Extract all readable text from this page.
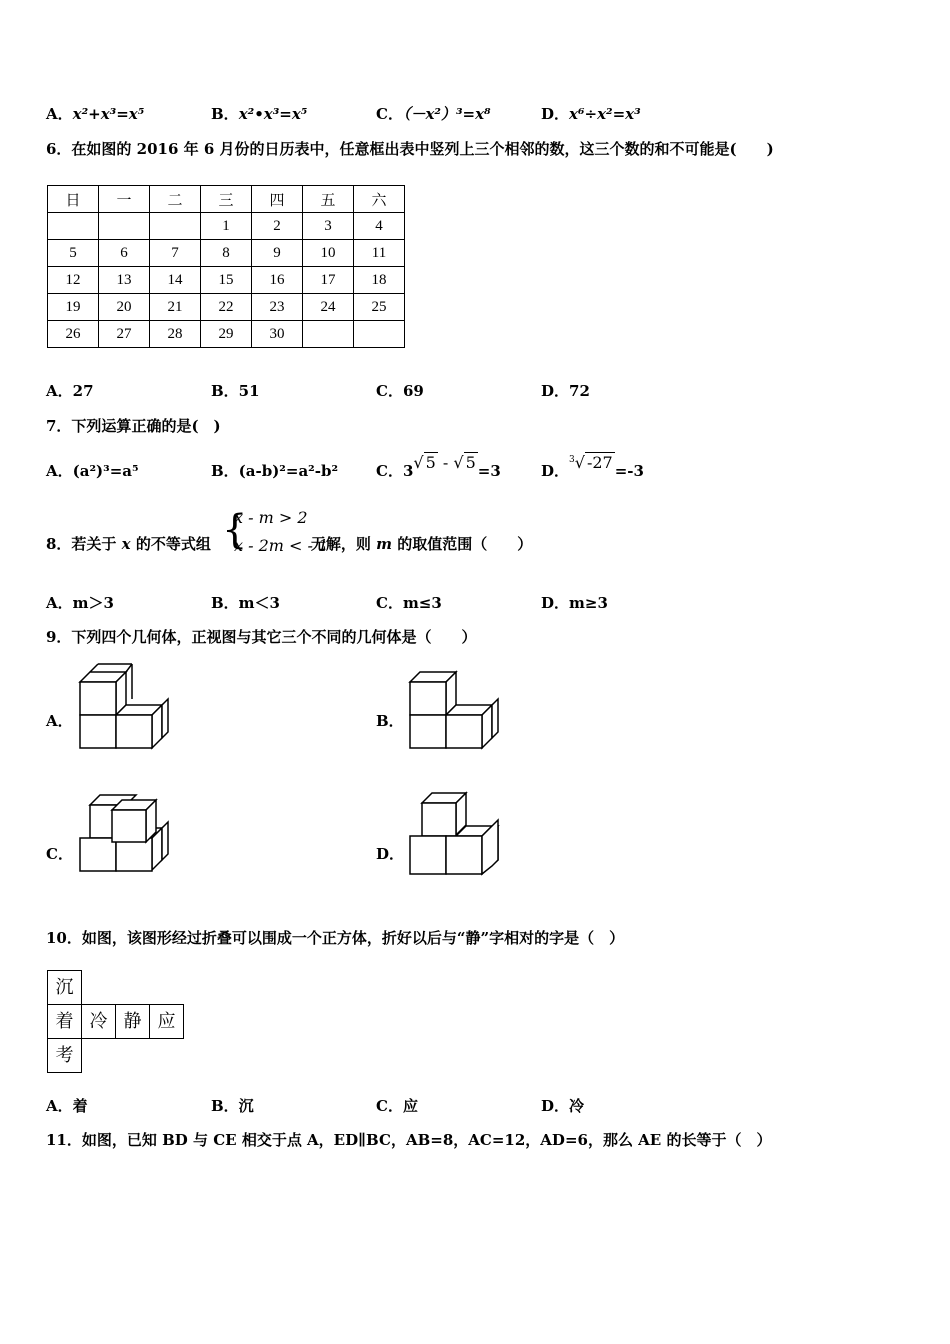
A．x²+x³=x⁵	B．x²•x³=x⁵	C．（－x²）³=x⁸	D．x⁶÷x²=x³
6．在如图的 2016 年 6 月份的日历表中，任意框出表中竖列上三个相邻的数，这三个数的和不可能是(　　)
日	一	二	三	四	五	六
			1	2	3	4
5	6	7	8	9	10	11
12	13	14	15	16	17	18
19	20	21	22	23	24	25
26	27	28	29	30		
A．27	B．51	C．69	D．72
7．下列运算正确的是(　)
A．(a²)³=a⁵	B．(a-b)²=a²-b²	C．3√ 5 - √ 5 =3	D．$^3$√ -27 =-3
8．若关于 x 的不等式组	无解，则 m 的取值范围（　　）
{
x - m > 2
x - 2m < - 1
A．m＞3	B．m＜3	C．m≤3	D．m≥3
9．下列四个几何体，正视图与其它三个不同的几何体是（　　）
A．	B．
C．	D．
10．如图，该图形经过折叠可以围成一个正方体，折好以后与“静”字相对的字是（　）
沉
着 冷 静 应
考
A．着	B．沉	C．应	D．冷
11．如图，已知 BD 与 CE 相交于点 A，ED∥BC，AB=8，AC=12，AD=6，那么 AE 的长等于（　）
